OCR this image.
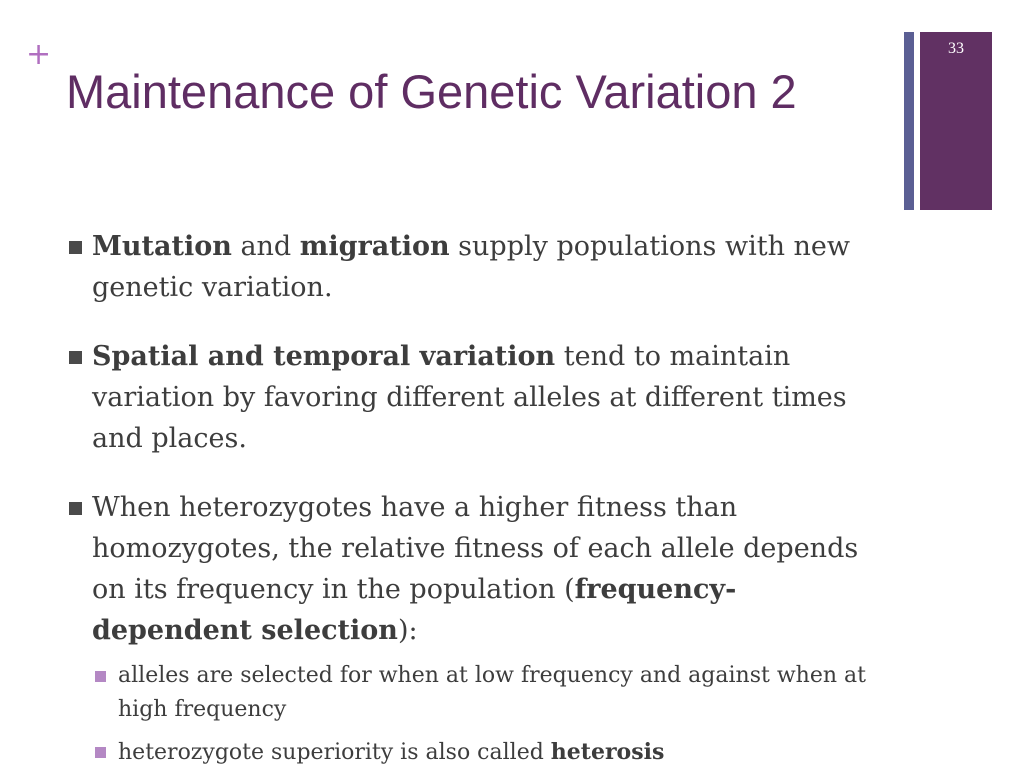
+
Maintenance of Genetic Variation 2
33
Mutation and migration supply populations with new genetic variation.
Spatial and temporal variation tend to maintain variation by favoring different alleles at different times and places.
When heterozygotes have a higher fitness than homozygotes, the relative fitness of each allele depends on its frequency in the population (frequency-dependent selection):
alleles are selected for when at low frequency and against when at high frequency
heterozygote superiority is also called heterosis
